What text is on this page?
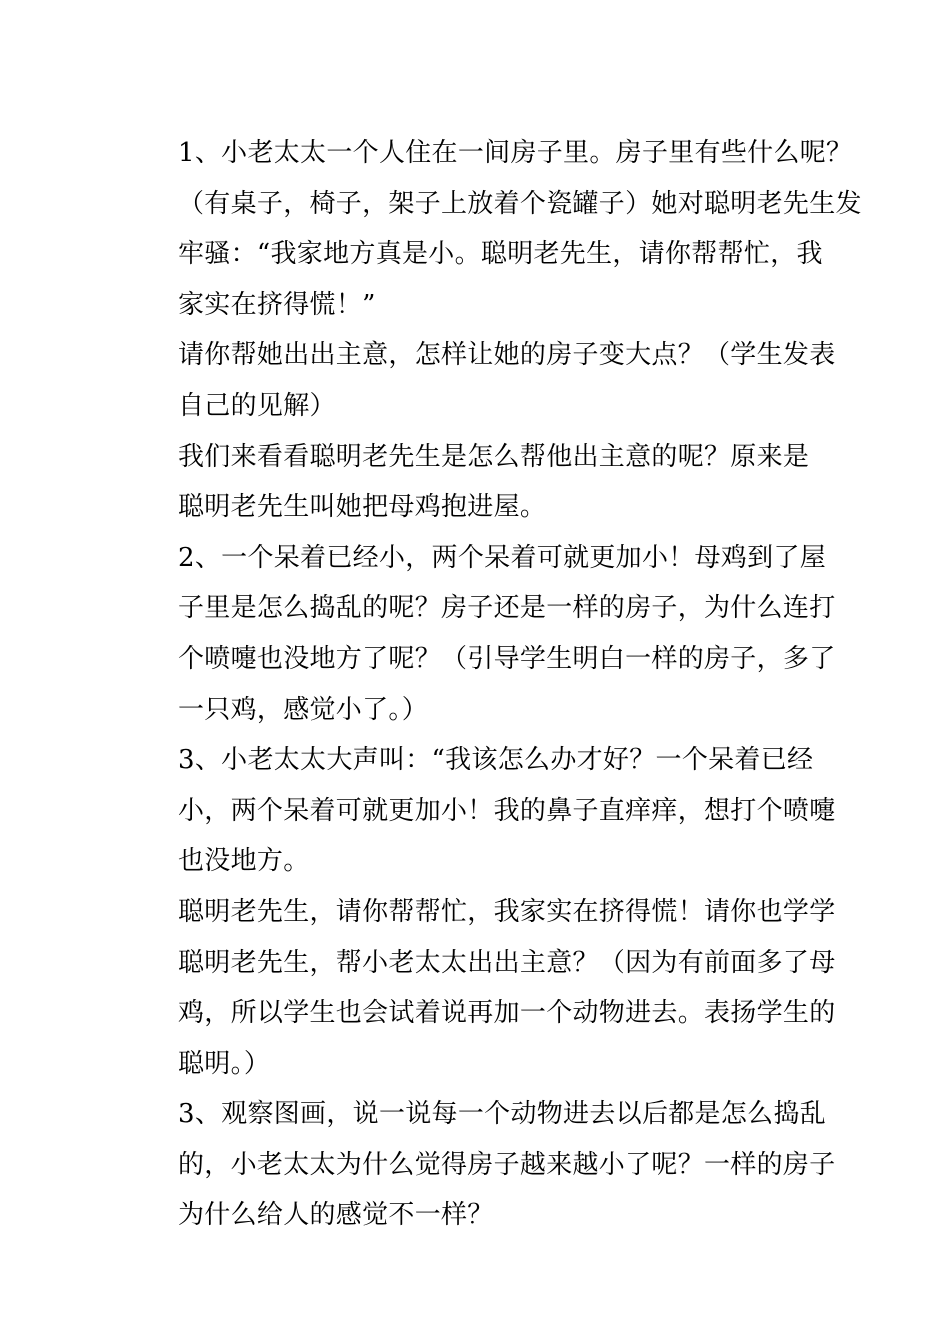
1、小老太太一个人住在一间房子里。房子里有些什么呢？
（有桌子，椅子，架子上放着个瓷罐子）她对聪明老先生发
牢骚：“我家地方真是小。聪明老先生，请你帮帮忙，我
家实在挤得慌！”
请你帮她出出主意，怎样让她的房子变大点？（学生发表
自己的见解）
我们来看看聪明老先生是怎么帮他出主意的呢？原来是
聪明老先生叫她把母鸡抱进屋。
2、一个呆着已经小，两个呆着可就更加小！母鸡到了屋
子里是怎么捣乱的呢？房子还是一样的房子，为什么连打
个喷嚏也没地方了呢？（引导学生明白一样的房子，多了
一只鸡，感觉小了。）
3、小老太太大声叫：“我该怎么办才好？一个呆着已经
小，两个呆着可就更加小！我的鼻子直痒痒，想打个喷嚏
也没地方。
聪明老先生，请你帮帮忙，我家实在挤得慌！请你也学学
聪明老先生，帮小老太太出出主意？（因为有前面多了母
鸡，所以学生也会试着说再加一个动物进去。表扬学生的
聪明。）
3、观察图画，说一说每一个动物进去以后都是怎么捣乱
的，小老太太为什么觉得房子越来越小了呢？一样的房子
为什么给人的感觉不一样？
